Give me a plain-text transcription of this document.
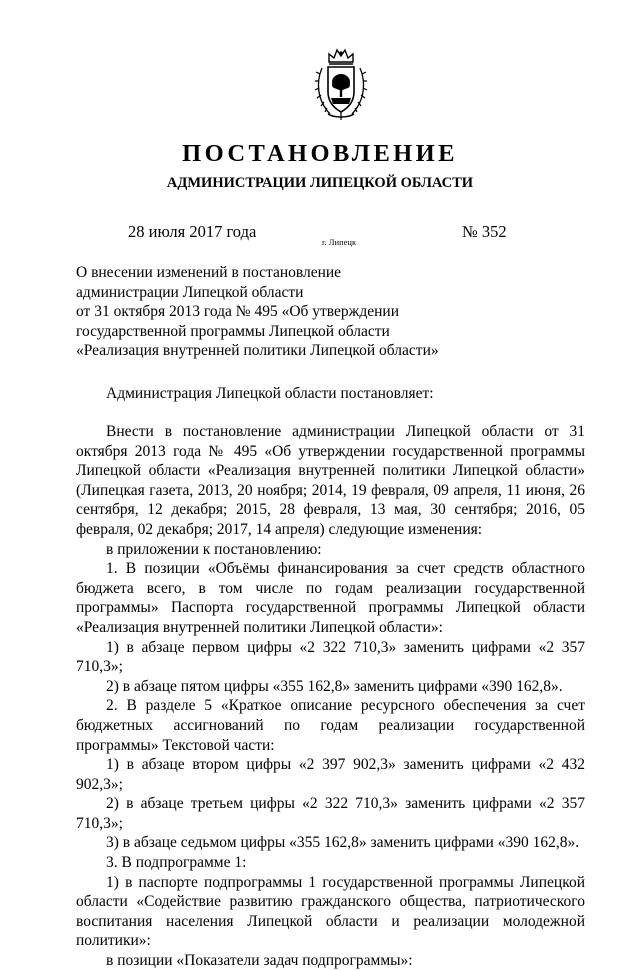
ПОСТАНОВЛЕНИЕ
АДМИНИСТРАЦИИ ЛИПЕЦКОЙ ОБЛАСТИ
28 июля 2017 года
г. Липецк
№ 352
О внесении изменений в постановление
администрации Липецкой области
от 31 октября 2013 года № 495 «Об утверждении
государственной программы Липецкой области
«Реализация внутренней политики Липецкой области»
Администрация Липецкой области постановляет:

Внести в постановление администрации Липецкой области от 31 октября 2013 года № 495 «Об утверждении государственной программы Липецкой области «Реализация внутренней политики Липецкой области» (Липецкая газета, 2013, 20 ноября; 2014, 19 февраля, 09 апреля, 11 июня, 26 сентября, 12 декабря; 2015, 28 февраля, 13 мая, 30 сентября; 2016, 05 февраля, 02 декабря; 2017, 14 апреля) следующие изменения:

в приложении к постановлению:

1. В позиции «Объёмы финансирования за счет средств областного бюджета всего, в том числе по годам реализации государственной программы» Паспорта государственной программы Липецкой области «Реализация внутренней политики Липецкой области»:

1) в абзаце первом цифры «2 322 710,3» заменить цифрами «2 357 710,3»;

2) в абзаце пятом цифры «355 162,8» заменить цифрами «390 162,8».

2. В разделе 5 «Краткое описание ресурсного обеспечения за счет бюджетных ассигнований по годам реализации государственной программы» Текстовой части:

1) в абзаце втором цифры «2 397 902,3» заменить цифрами «2 432 902,3»;

2) в абзаце третьем цифры «2 322 710,3» заменить цифрами «2 357 710,3»;

3) в абзаце седьмом цифры «355 162,8» заменить цифрами «390 162,8».

3. В подпрограмме 1:

1) в паспорте подпрограммы 1 государственной программы Липецкой области «Содействие развитию гражданского общества, патриотического воспитания населения Липецкой области и реализации молодежной политики»:

в позиции «Показатели задач подпрограммы»:
